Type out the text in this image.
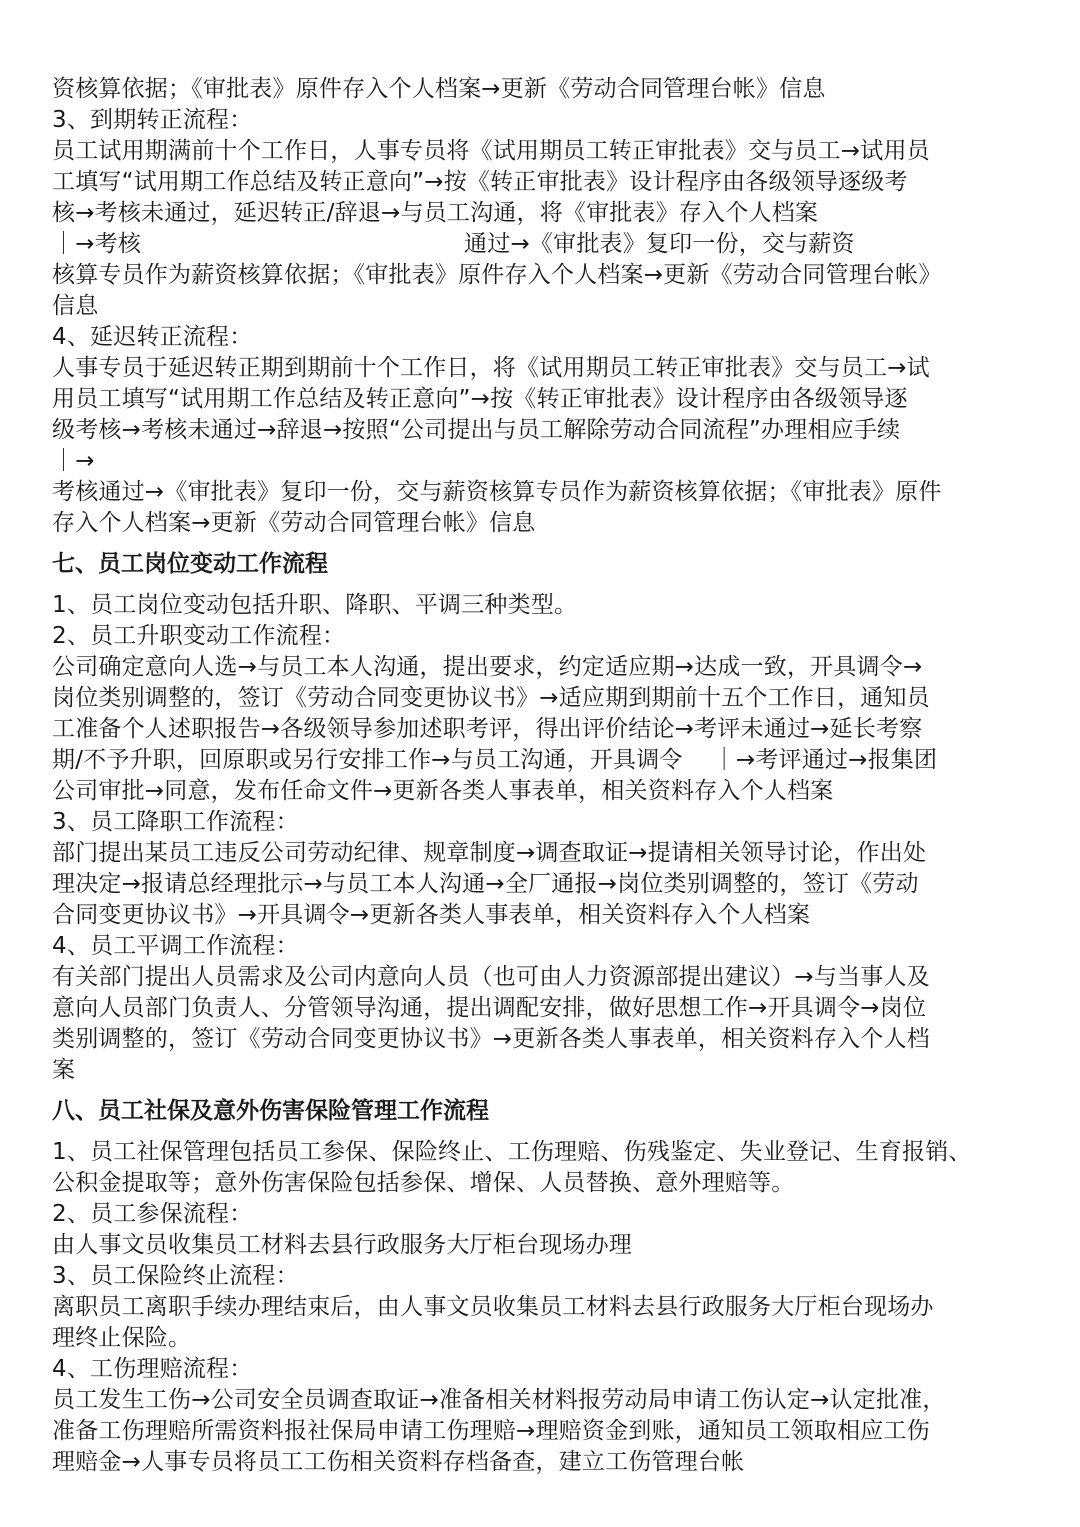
资核算依据；《审批表》原件存入个人档案→更新《劳动合同管理台帐》信息
3、到期转正流程：
员工试用期满前十个工作日，人事专员将《试用期员工转正审批表》交与员工→试用员
工填写“试用期工作总结及转正意向”→按《转正审批表》设计程序由各级领导逐级考
核→考核未通过，延迟转正/辞退→与员工沟通，将《审批表》存入个人档案
｜→考核                                           通过→《审批表》复印一份，交与薪资
核算专员作为薪资核算依据；《审批表》原件存入个人档案→更新《劳动合同管理台帐》
信息
4、延迟转正流程：
人事专员于延迟转正期到期前十个工作日，将《试用期员工转正审批表》交与员工→试
用员工填写“试用期工作总结及转正意向”→按《转正审批表》设计程序由各级领导逐
级考核→考核未通过→辞退→按照“公司提出与员工解除劳动合同流程”办理相应手续
｜→
考核通过→《审批表》复印一份，交与薪资核算专员作为薪资核算依据；《审批表》原件
存入个人档案→更新《劳动合同管理台帐》信息
七、员工岗位变动工作流程
1、员工岗位变动包括升职、降职、平调三种类型。
2、员工升职变动工作流程：
公司确定意向人选→与员工本人沟通，提出要求，约定适应期→达成一致，开具调令→
岗位类别调整的，签订《劳动合同变更协议书》→适应期到期前十五个工作日，通知员
工准备个人述职报告→各级领导参加述职考评，得出评价结论→考评未通过→延长考察
期/不予升职，回原职或另行安排工作→与员工沟通，开具调令    ｜→考评通过→报集团
公司审批→同意，发布任命文件→更新各类人事表单，相关资料存入个人档案
3、员工降职工作流程：
部门提出某员工违反公司劳动纪律、规章制度→调查取证→提请相关领导讨论，作出处
理决定→报请总经理批示→与员工本人沟通→全厂通报→岗位类别调整的，签订《劳动
合同变更协议书》→开具调令→更新各类人事表单，相关资料存入个人档案
4、员工平调工作流程：
有关部门提出人员需求及公司内意向人员（也可由人力资源部提出建议）→与当事人及
意向人员部门负责人、分管领导沟通，提出调配安排，做好思想工作→开具调令→岗位
类别调整的，签订《劳动合同变更协议书》→更新各类人事表单，相关资料存入个人档
案
八、员工社保及意外伤害保险管理工作流程
1、员工社保管理包括员工参保、保险终止、工伤理赔、伤残鉴定、失业登记、生育报销、
公积金提取等；意外伤害保险包括参保、增保、人员替换、意外理赔等。
2、员工参保流程：
由人事文员收集员工材料去县行政服务大厅柜台现场办理
3、员工保险终止流程：
离职员工离职手续办理结束后，由人事文员收集员工材料去县行政服务大厅柜台现场办
理终止保险。
4、工伤理赔流程：
员工发生工伤→公司安全员调查取证→准备相关材料报劳动局申请工伤认定→认定批准，
准备工伤理赔所需资料报社保局申请工伤理赔→理赔资金到账，通知员工领取相应工伤
理赔金→人事专员将员工工伤相关资料存档备查，建立工伤管理台帐
